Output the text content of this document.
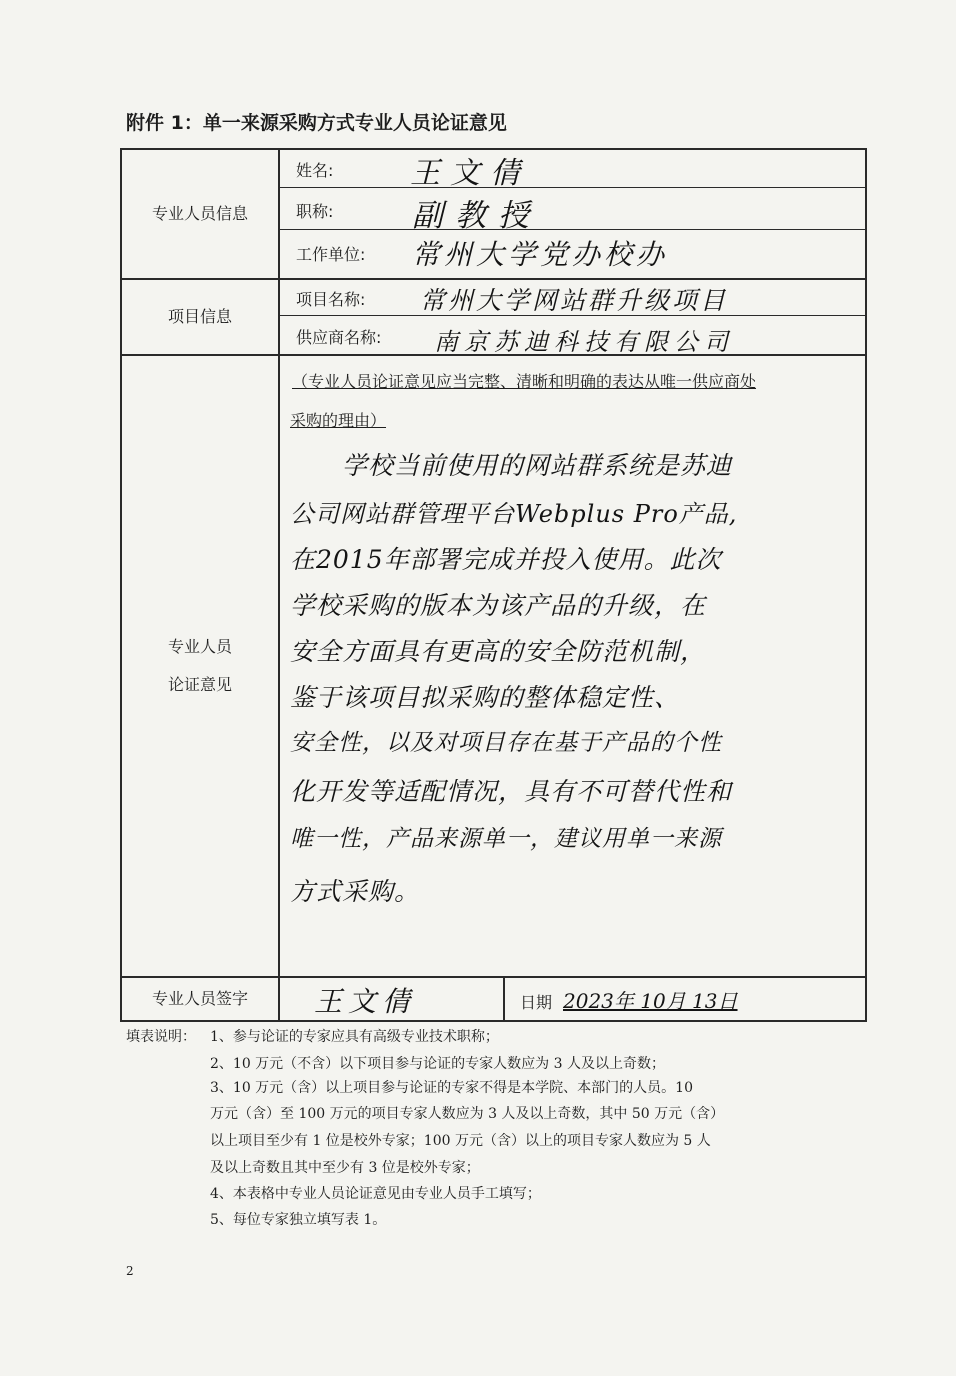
附件 1：单一来源采购方式专业人员论证意见
专业人员信息
项目信息
专业人员
论证意见
专业人员签字
姓名:
职称:
工作单位:
项目名称:
供应商名称:
王文倩
副教授
常州大学党办校办
常州大学网站群升级项目
南京苏迪科技有限公司
（专业人员论证意见应当完整、清晰和明确的表达从唯一供应商处
采购的理由）
学校当前使用的网站群系统是苏迪
公司网站群管理平台Webplus Pro产品,
在2015年部署完成并投入使用。此次
学校采购的版本为该产品的升级，在
安全方面具有更高的安全防范机制，
鉴于该项目拟采购的整体稳定性、
安全性，以及对项目存在基于产品的个性
化开发等适配情况，具有不可替代性和
唯一性，产品来源单一，建议用单一来源
方式采购。
王文倩	日期 2023年 10月 13日
填表说明： 1、参与论证的专家应具有高级专业技术职称；
2、10 万元（不含）以下项目参与论证的专家人数应为 3 人及以上奇数；
3、10 万元（含）以上项目参与论证的专家不得是本学院、本部门的人员。10
万元（含）至 100 万元的项目专家人数应为 3 人及以上奇数，其中 50 万元（含）
以上项目至少有 1 位是校外专家；100 万元（含）以上的项目专家人数应为 5 人
及以上奇数且其中至少有 3 位是校外专家；
4、本表格中专业人员论证意见由专业人员手工填写；
5、每位专家独立填写表 1。
2
